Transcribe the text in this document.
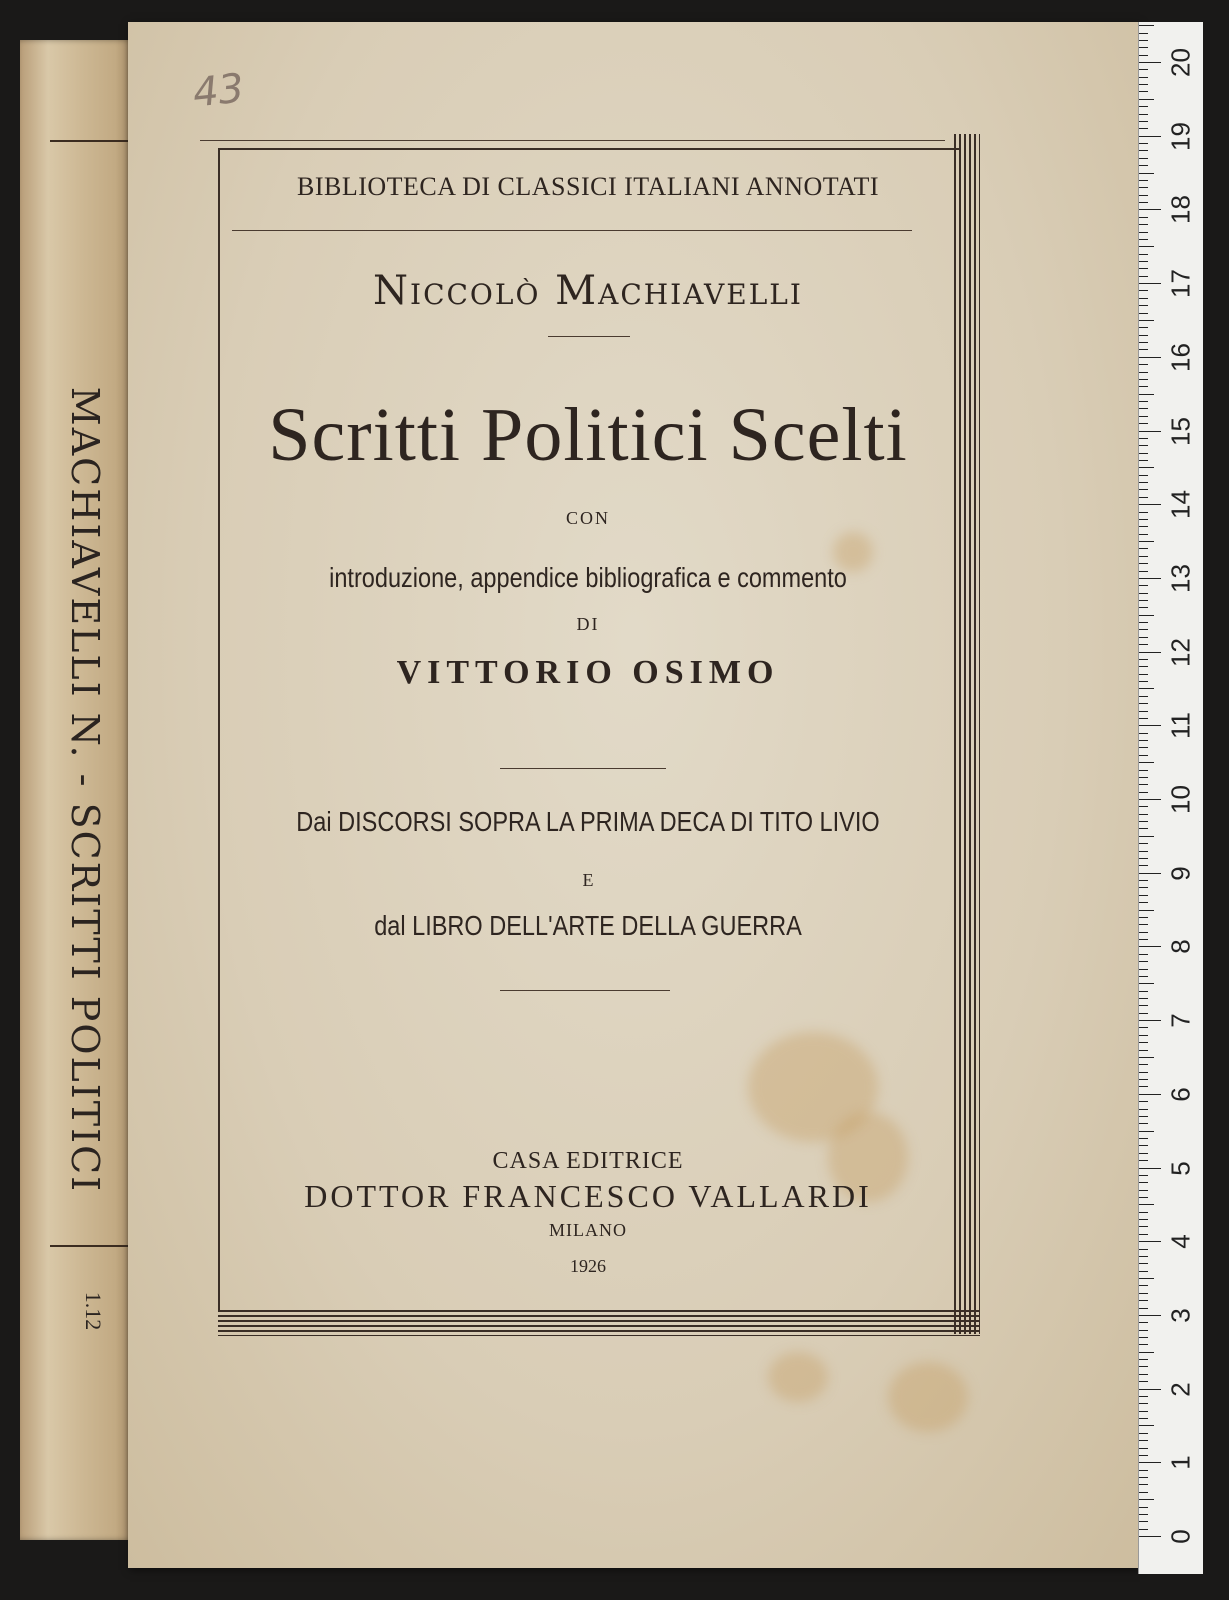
MACHIAVELLI N. - SCRITTI POLITICI
1.12
43
BIBLIOTECA DI CLASSICI ITALIANI ANNOTATI
Niccolò Machiavelli
Scritti Politici Scelti
CON
introduzione, appendice bibliografica e commento
DI
VITTORIO OSIMO
Dai DISCORSI SOPRA LA PRIMA DECA DI TITO LIVIO
E
dal LIBRO DELL'ARTE DELLA GUERRA
CASA EDITRICE
DOTTOR FRANCESCO VALLARDI
MILANO
1926
0
1
2
3
4
5
6
7
8
9
10
11
12
13
14
15
16
17
18
19
20
